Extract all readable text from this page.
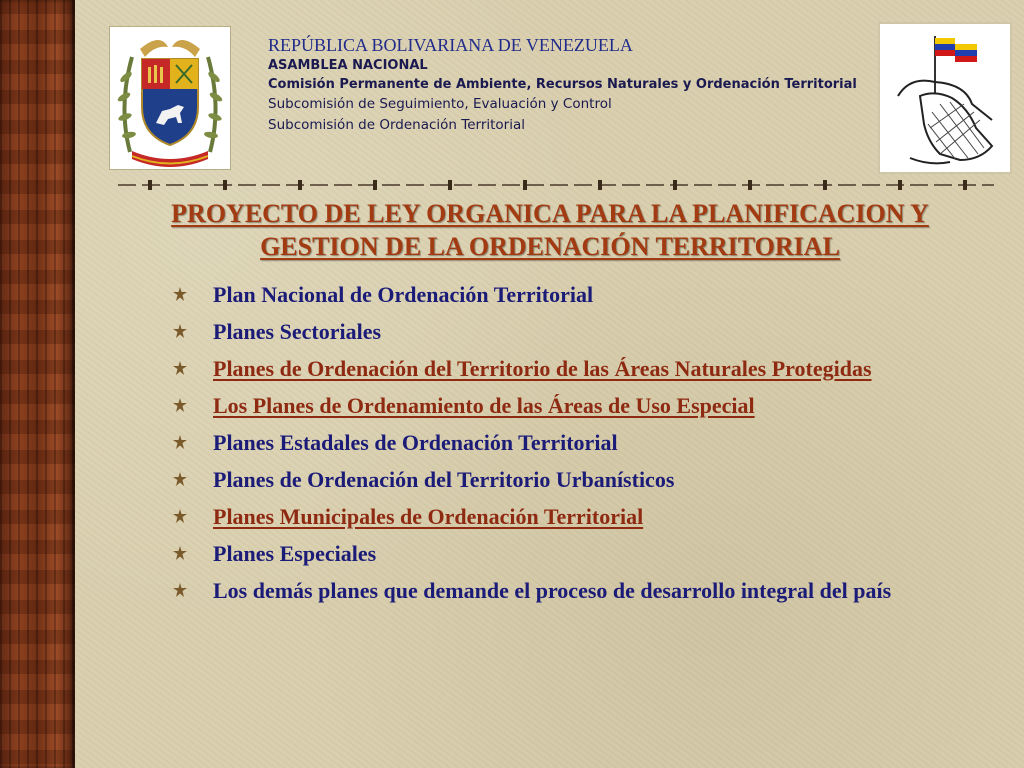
REPÚBLICA BOLIVARIANA DE VENEZUELA
ASAMBLEA NACIONAL
Comisión Permanente de Ambiente, Recursos Naturales y Ordenación Territorial
Subcomisión de Seguimiento, Evaluación y Control
Subcomisión de Ordenación Territorial
PROYECTO DE LEY ORGANICA PARA LA PLANIFICACION Y
GESTION DE LA ORDENACIÓN TERRITORIAL
Plan Nacional de Ordenación Territorial
Planes Sectoriales
Planes de Ordenación del Territorio de las Áreas Naturales Protegidas
Los Planes de Ordenamiento de las Áreas de Uso Especial
Planes Estadales de Ordenación Territorial
Planes de Ordenación del Territorio Urbanísticos
Planes Municipales de Ordenación Territorial
Planes Especiales
Los demás planes que demande el proceso de desarrollo integral del país
